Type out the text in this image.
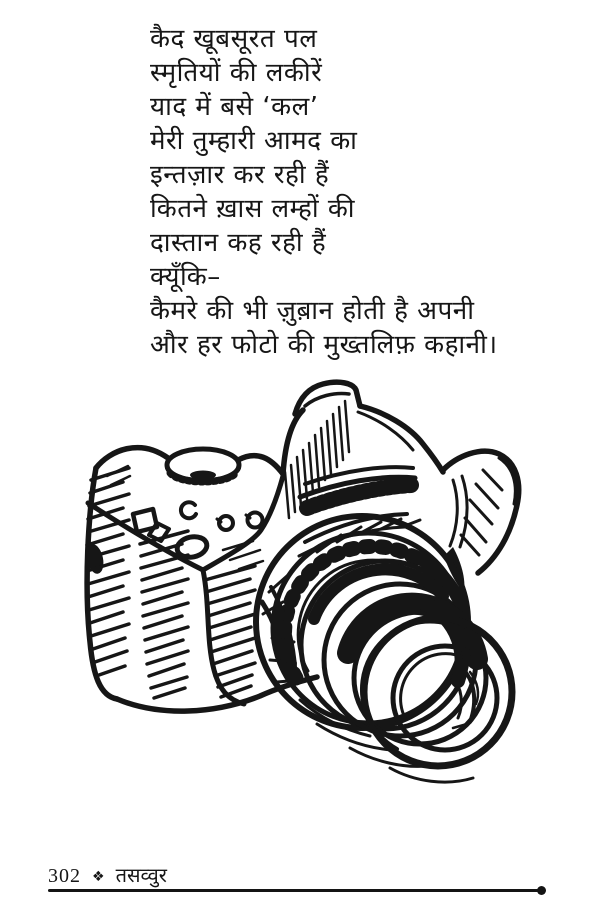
कैद खूबसूरत पल
स्मृतियों की लकीरें
याद में बसे ‘कल’
मेरी तुम्हारी आमद का
इन्तज़ार कर रही हैं
कितने ख़ास लम्हों की
दास्तान कह रही हैं
क्यूँकि–
कैमरे की भी ज़ुब़ान होती है अपनी
और हर फोटो की मुख्तलिफ़ कहानी।
302 ❖ तसव्वुर
